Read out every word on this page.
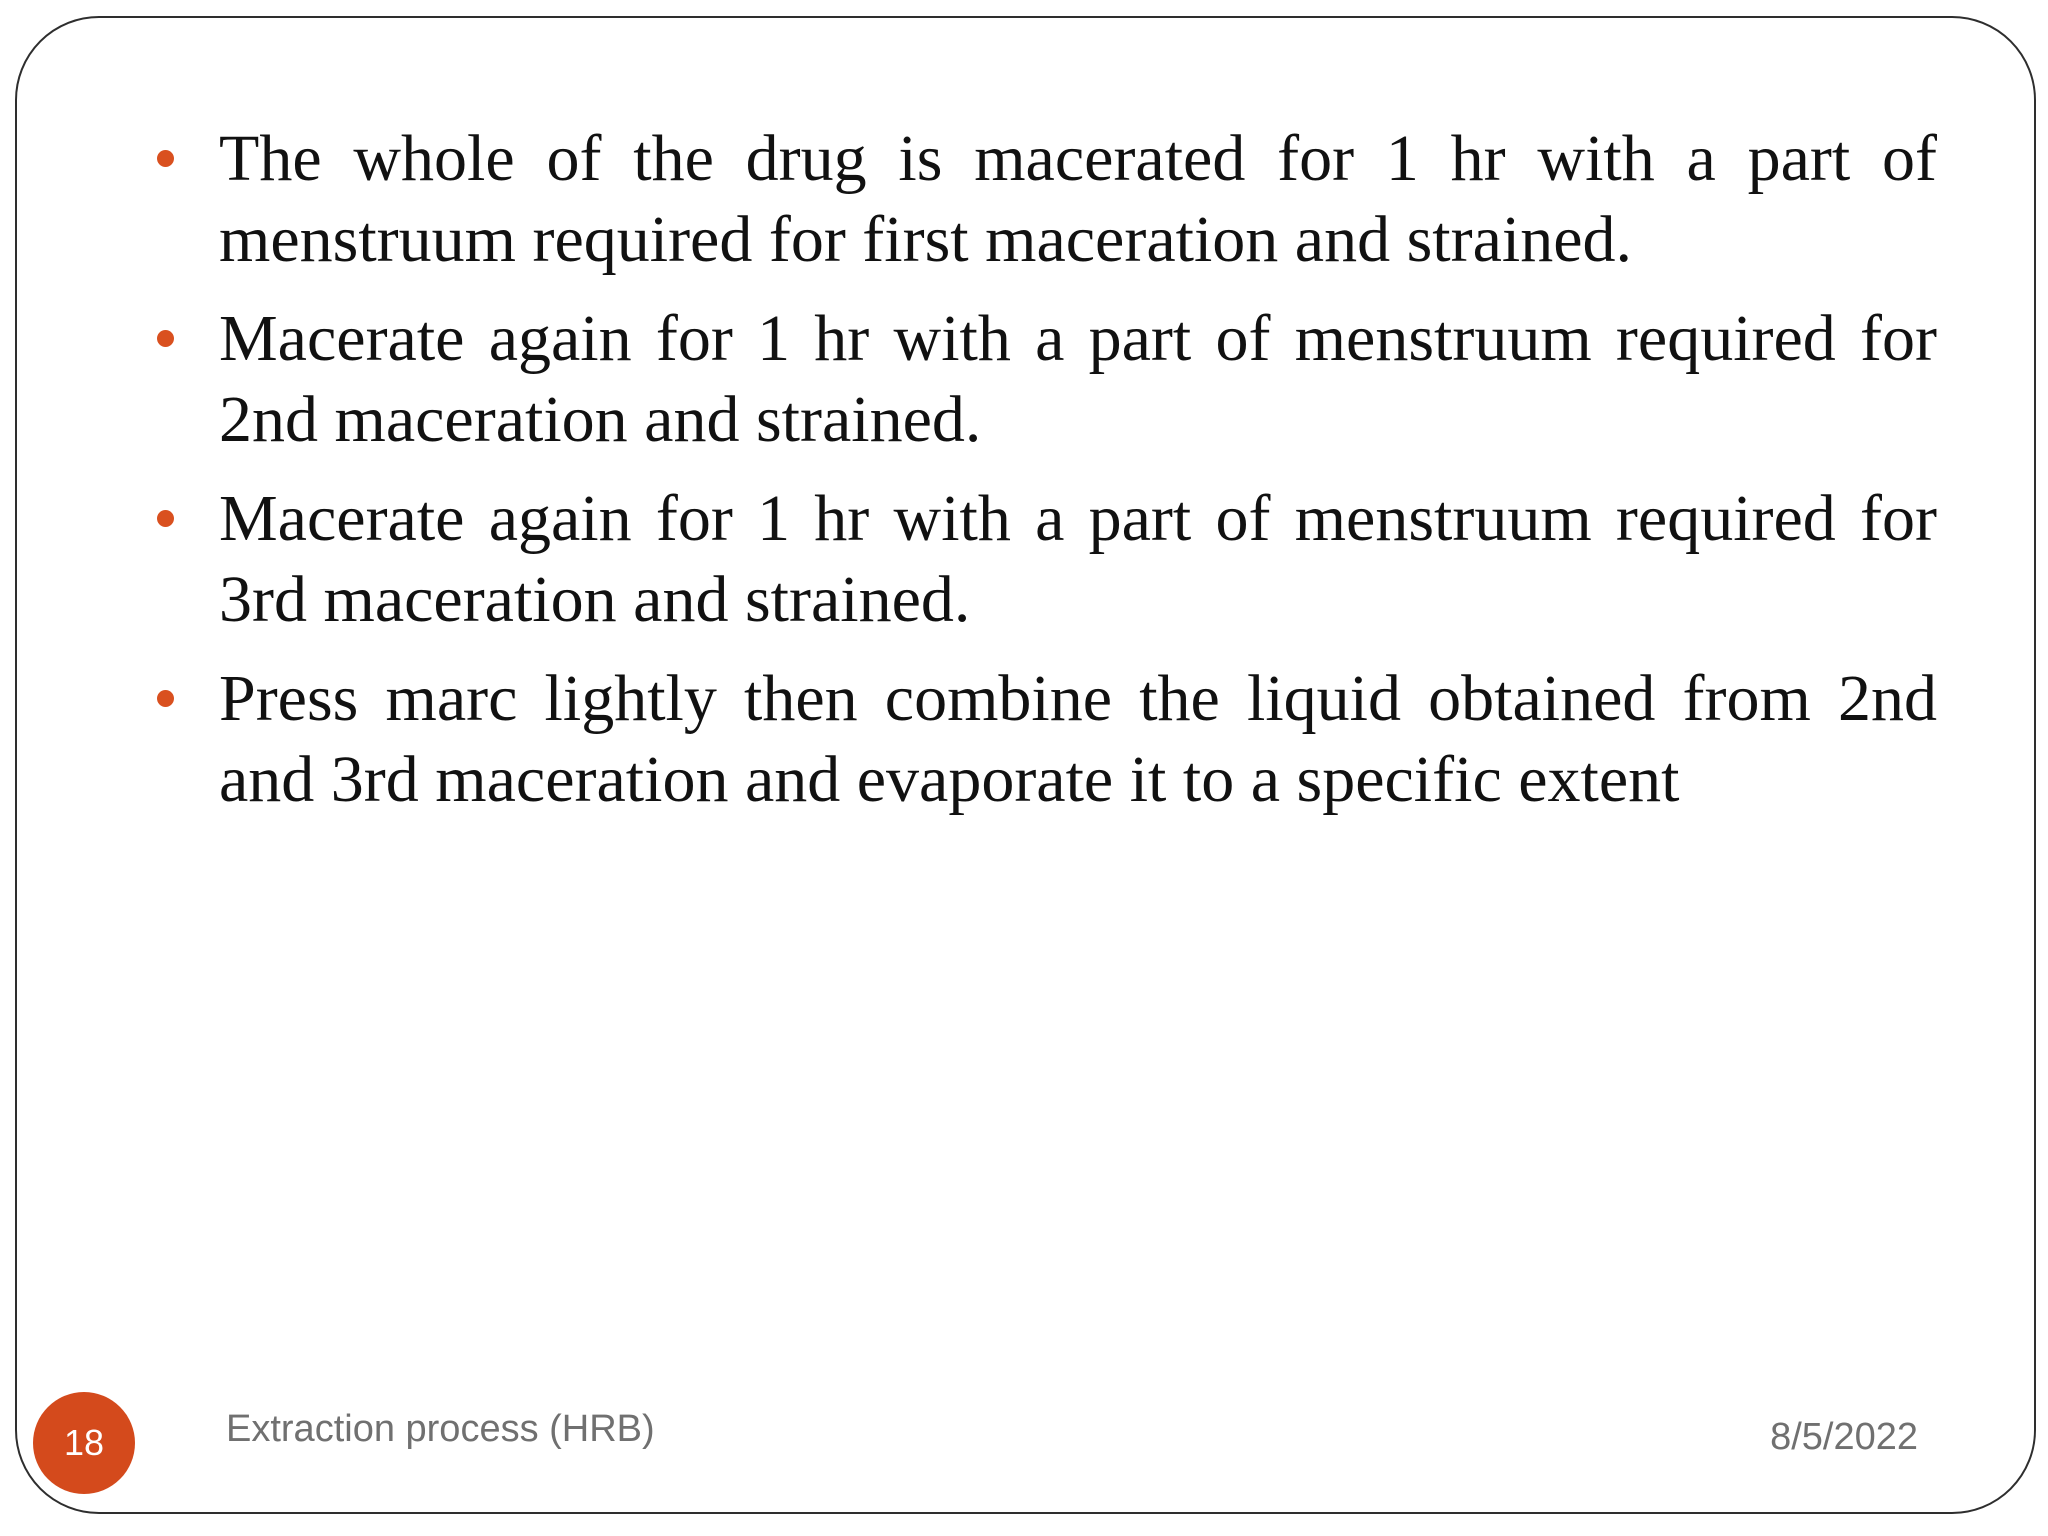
The whole of the drug is macerated for 1 hr with a part of menstruum required for first maceration and strained.
Macerate again for 1 hr with a part of menstruum required for 2nd maceration and strained.
Macerate again for 1 hr with a part of menstruum required for 3rd maceration and strained.
Press marc lightly then combine the liquid obtained from 2nd and 3rd maceration and evaporate it to a specific extent
18	Extraction process (HRB)	8/5/2022
